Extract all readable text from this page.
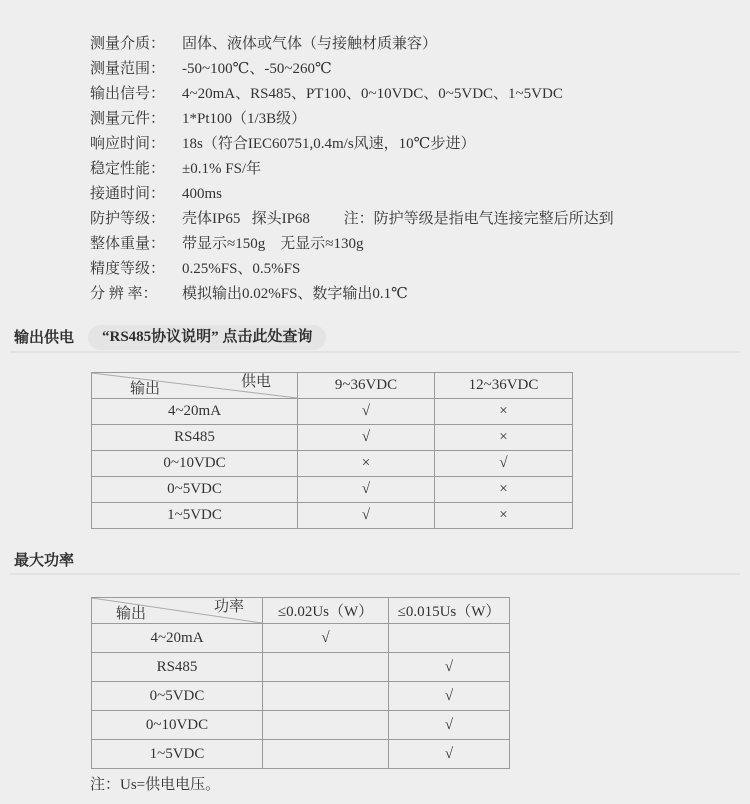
测量介质：	固体、液体或气体（与接触材质兼容）
测量范围：	-50~100℃、-50~260℃
输出信号：	4~20mA、RS485、PT100、0~10VDC、0~5VDC、1~5VDC
测量元件：	1*Pt100（1/3B级）
响应时间：	18s（符合IEC60751,0.4m/s风速，10℃步进）
稳定性能：	±0.1% FS/年
接通时间：	400ms
防护等级：	壳体IP65   探头IP68         注：防护等级是指电气连接完整后所达到
整体重量：	带显示≈150g    无显示≈130g
精度等级：	0.25%FS、0.5%FS
分 辨 率：	模拟输出0.02%FS、数字输出0.1℃
输出供电	“RS485协议说明” 点击此处查询
输出 供电	9~36VDC	12~36VDC
4~20mA	√	×
RS485	√	×
0~10VDC	×	√
0~5VDC	√	×
1~5VDC	√	×
最大功率
输出 功率	≤0.02Us（W）	≤0.015Us（W）
4~20mA	√	
RS485		√
0~5VDC		√
0~10VDC		√
1~5VDC		√
注：Us=供电电压。
